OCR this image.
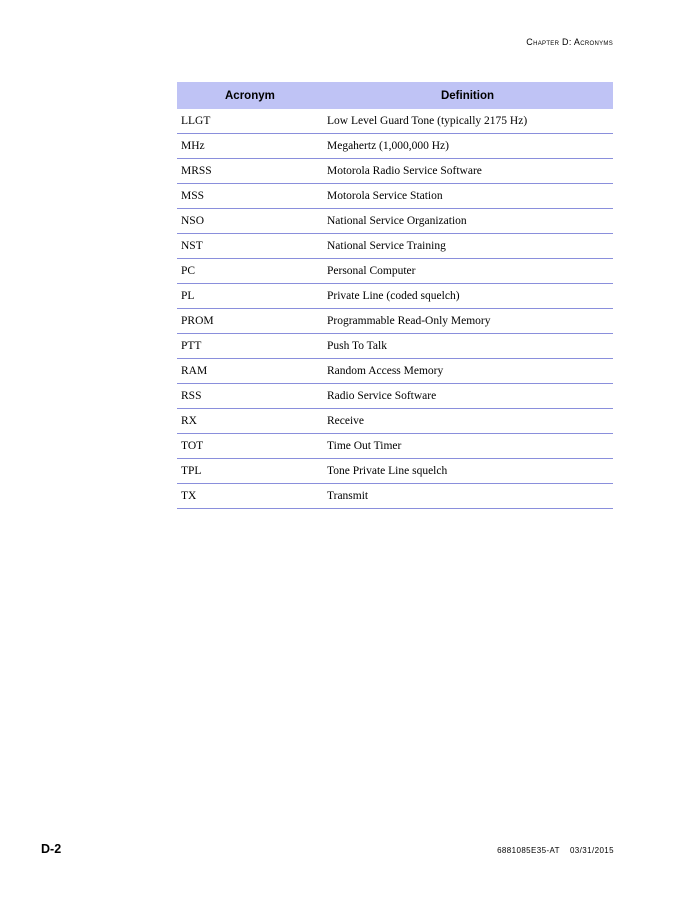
Chapter D: Acronyms
Acronym	Definition
LLGT	Low Level Guard Tone (typically 2175 Hz)
MHz	Megahertz (1,000,000 Hz)
MRSS	Motorola Radio Service Software
MSS	Motorola Service Station
NSO	National Service Organization
NST	National Service Training
PC	Personal Computer
PL	Private Line (coded squelch)
PROM	Programmable Read-Only Memory
PTT	Push To Talk
RAM	Random Access Memory
RSS	Radio Service Software
RX	Receive
TOT	Time Out Timer
TPL	Tone Private Line squelch
TX	Transmit
D-2	6881085E35-AT 03/31/2015
